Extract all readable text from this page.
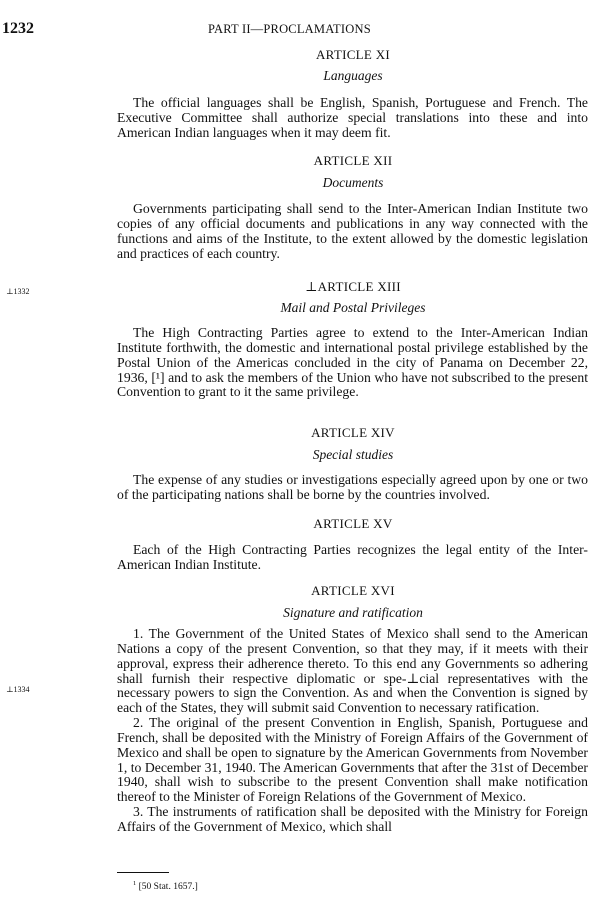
1232	PART II—PROCLAMATIONS
⊥1332
⊥1334
ARTICLE XI
Languages

The official languages shall be English, Spanish, Portuguese and French. The Executive Committee shall authorize special translations into these and into American Indian languages when it may deem fit.

ARTICLE XII
Documents

Governments participating shall send to the Inter-American Indian Institute two copies of any official documents and publications in any way connected with the functions and aims of the Institute, to the extent allowed by the domestic legislation and practices of each country.

⊥ARTICLE XIII
Mail and Postal Privileges

The High Contracting Parties agree to extend to the Inter-American Indian Institute forthwith, the domestic and international postal privilege established by the Postal Union of the Americas concluded in the city of Panama on December 22, 1936, [¹] and to ask the members of the Union who have not subscribed to the present Convention to grant to it the same privilege.

ARTICLE XIV
Special studies

The expense of any studies or investigations especially agreed upon by one or two of the participating nations shall be borne by the countries involved.

ARTICLE XV

Each of the High Contracting Parties recognizes the legal entity of the Inter-American Indian Institute.

ARTICLE XVI
Signature and ratification
1. The Government of the United States of Mexico shall send to the American Nations a copy of the present Convention, so that they may, if it meets with their approval, express their adherence thereto. To this end any Governments so adhering shall furnish their respective diplomatic or spe-⊥cial representatives with the necessary powers to sign the Convention. As and when the Convention is signed by each of the States, they will submit said Convention to necessary ratification.
2. The original of the present Convention in English, Spanish, Portuguese and French, shall be deposited with the Ministry of Foreign Affairs of the Government of Mexico and shall be open to signature by the American Governments from November 1, to December 31, 1940. The American Governments that after the 31st of December 1940, shall wish to subscribe to the present Convention shall make notification thereof to the Minister of Foreign Relations of the Government of Mexico.
3. The instruments of ratification shall be deposited with the Ministry for Foreign Affairs of the Government of Mexico, which shall
$^1$ [50 Stat. 1657.]
